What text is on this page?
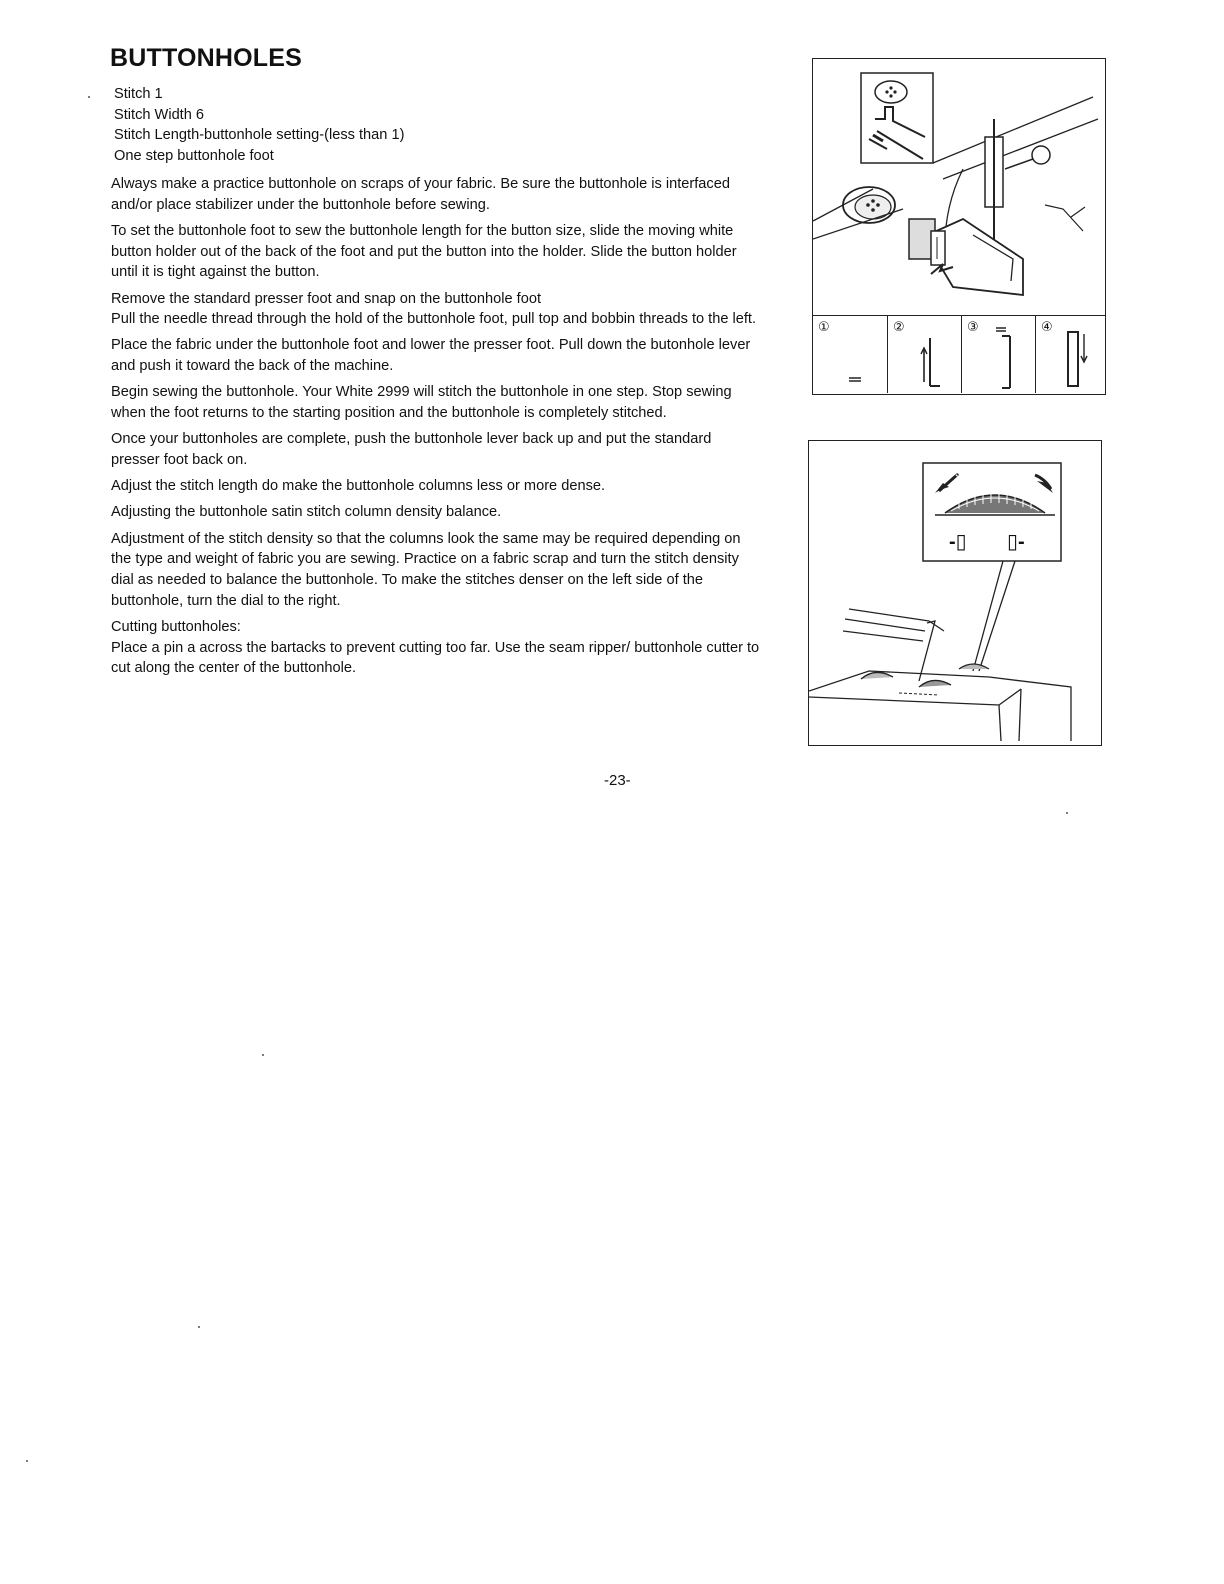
BUTTONHOLES
Stitch 1
Stitch Width 6
Stitch Length-buttonhole setting-(less than 1)
One step buttonhole foot

Always make a practice buttonhole on scraps of your fabric. Be sure the buttonhole is interfaced and/or place stabilizer under the buttonhole before sewing.

To set the buttonhole foot to sew the buttonhole length for the button size, slide the moving white button holder out of the back of the foot and put the button into the holder. Slide the button holder until it is tight against the button.

Remove the standard presser foot and snap on the buttonhole foot
Pull the needle thread through the hold of the buttonhole foot, pull top and bobbin threads to the left.

Place the fabric under the buttonhole foot and lower the presser foot. Pull down the butonhole lever and push it toward the back of the machine.

Begin sewing the buttonhole. Your White 2999 will stitch the buttonhole in one step. Stop sewing when the foot returns to the starting position and the buttonhole is completely stitched.

Once your buttonholes are complete, push the buttonhole lever back up and put the standard presser foot back on.

Adjust the stitch length do make the buttonhole columns less or more dense.

Adjusting the buttonhole satin stitch column density balance.

Adjustment of the stitch density so that the columns look the same may be required depending on the type and weight of fabric you are sewing. Practice on a fabric scrap and turn the stitch density dial as needed to balance the buttonhole. To make the stitches denser on the left side of the buttonhole, turn the dial to the right.

Cutting buttonholes:
Place a pin a across the bartacks to prevent cutting too far. Use the seam ripper/ buttonhole cutter to cut along the center of the buttonhole.

-23-
①	②	③	④
-▯ ▯-
